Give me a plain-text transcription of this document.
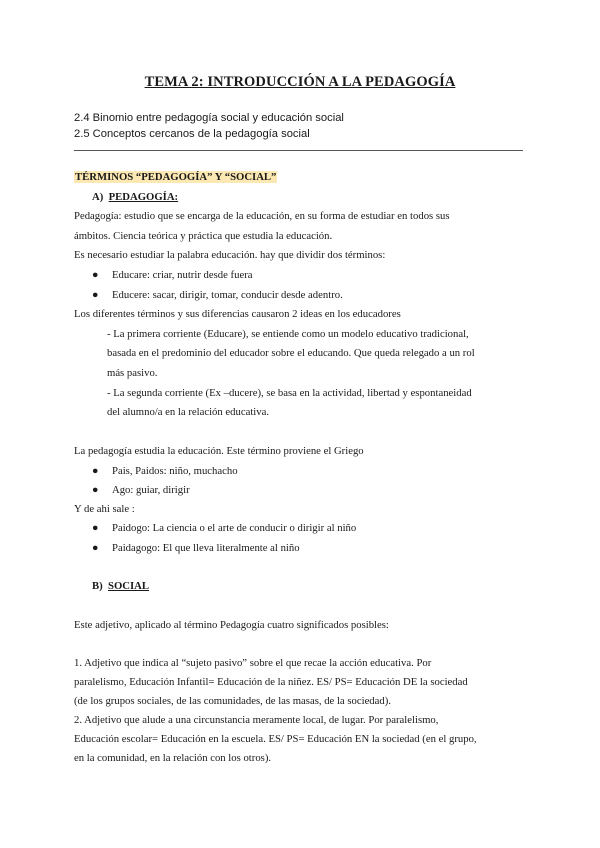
TEMA 2: INTRODUCCIÓN A LA PEDAGOGÍA
2.4 Binomio entre pedagogía social y educación social
2.5 Conceptos cercanos de la pedagogía social
TÉRMINOS “PEDAGOGÍA” Y “SOCIAL”
A) PEDAGOGÍA:
Pedagogía: estudio que se encarga de la educación, en su forma de estudiar en todos sus
ámbitos. Ciencia teórica y práctica que estudia la educación.
Es necesario estudiar la palabra educación. hay que dividir dos términos:
● Educare: criar, nutrir desde fuera
● Educere: sacar, dirigir, tomar, conducir desde adentro.
Los diferentes términos y sus diferencias causaron 2 ideas en los educadores
- La primera corriente (Educare), se entiende como un modelo educativo tradicional,
basada en el predominio del educador sobre el educando. Que queda relegado a un rol
más pasivo.
- La segunda corriente (Ex –ducere), se basa en la actividad, libertad y espontaneidad
del alumno/a en la relación educativa.
La pedagogía estudia la educación. Este término proviene el Griego
● Pais, Paidos: niño, muchacho
● Ago: guiar, dirigir
Y de ahi sale :
● Paidogo: La ciencia o el arte de conducir o dirigir al niño
● Paidagogo: El que lleva literalmente al niño
B) SOCIAL
Este adjetivo, aplicado al término Pedagogía cuatro significados posibles:
1. Adjetivo que indica al “sujeto pasivo” sobre el que recae la acción educativa. Por
paralelismo, Educación Infantil= Educación de la niñez. ES/ PS= Educación DE la sociedad
(de los grupos sociales, de las comunidades, de las masas, de la sociedad).
2. Adjetivo que alude a una circunstancia meramente local, de lugar. Por paralelismo,
Educación escolar= Educación en la escuela. ES/ PS= Educación EN la sociedad (en el grupo,
en la comunidad, en la relación con los otros).
